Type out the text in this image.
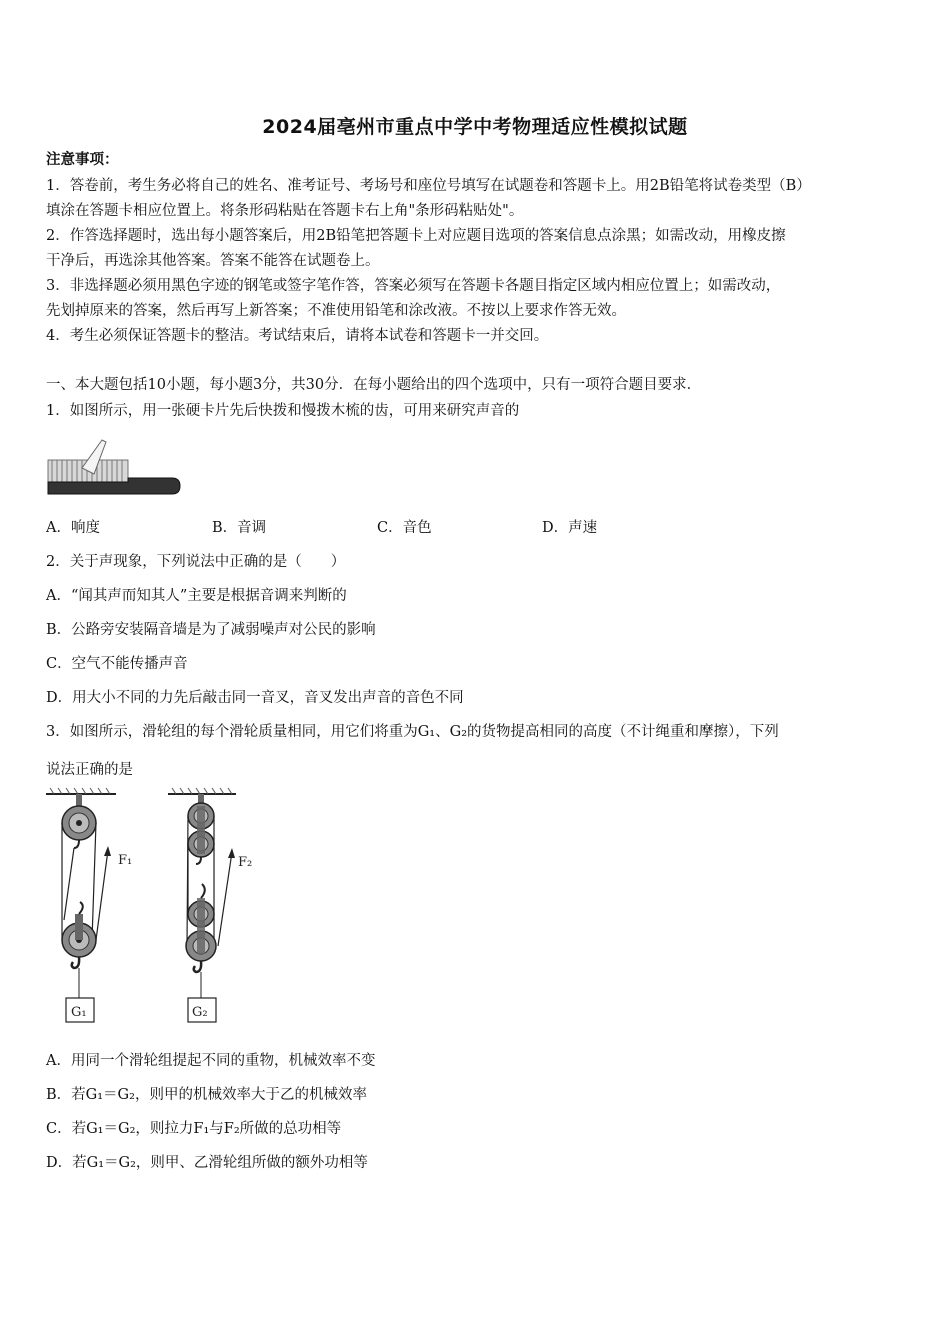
2024届亳州市重点中学中考物理适应性模拟试题
注意事项：
1．答卷前，考生务必将自己的姓名、准考证号、考场号和座位号填写在试题卷和答题卡上。用2B铅笔将试卷类型（B）
填涂在答题卡相应位置上。将条形码粘贴在答题卡右上角"条形码粘贴处"。
2．作答选择题时，选出每小题答案后，用2B铅笔把答题卡上对应题目选项的答案信息点涂黑；如需改动，用橡皮擦
干净后，再选涂其他答案。答案不能答在试题卷上。
3．非选择题必须用黑色字迹的钢笔或签字笔作答，答案必须写在答题卡各题目指定区域内相应位置上；如需改动，
先划掉原来的答案，然后再写上新答案；不准使用铅笔和涂改液。不按以上要求作答无效。
4．考生必须保证答题卡的整洁。考试结束后，请将本试卷和答题卡一并交回。
一、本大题包括10小题，每小题3分，共30分．在每小题给出的四个选项中，只有一项符合题目要求．
1．如图所示，用一张硬卡片先后快拨和慢拨木梳的齿，可用来研究声音的
A．响度	B．音调	C．音色	D．声速
2．关于声现象，下列说法中正确的是（　　）
A．“闻其声而知其人”主要是根据音调来判断的
B．公路旁安装隔音墙是为了减弱噪声对公民的影响
C．空气不能传播声音
D．用大小不同的力先后敲击同一音叉，音叉发出声音的音色不同
3．如图所示，滑轮组的每个滑轮质量相同，用它们将重为G₁、G₂的货物提高相同的高度（不计绳重和摩擦），下列
说法正确的是
F₁
G₁
F₂
G₂
A．用同一个滑轮组提起不同的重物，机械效率不变
B．若G₁＝G₂，则甲的机械效率大于乙的机械效率
C．若G₁＝G₂，则拉力F₁与F₂所做的总功相等
D．若G₁＝G₂，则甲、乙滑轮组所做的额外功相等
